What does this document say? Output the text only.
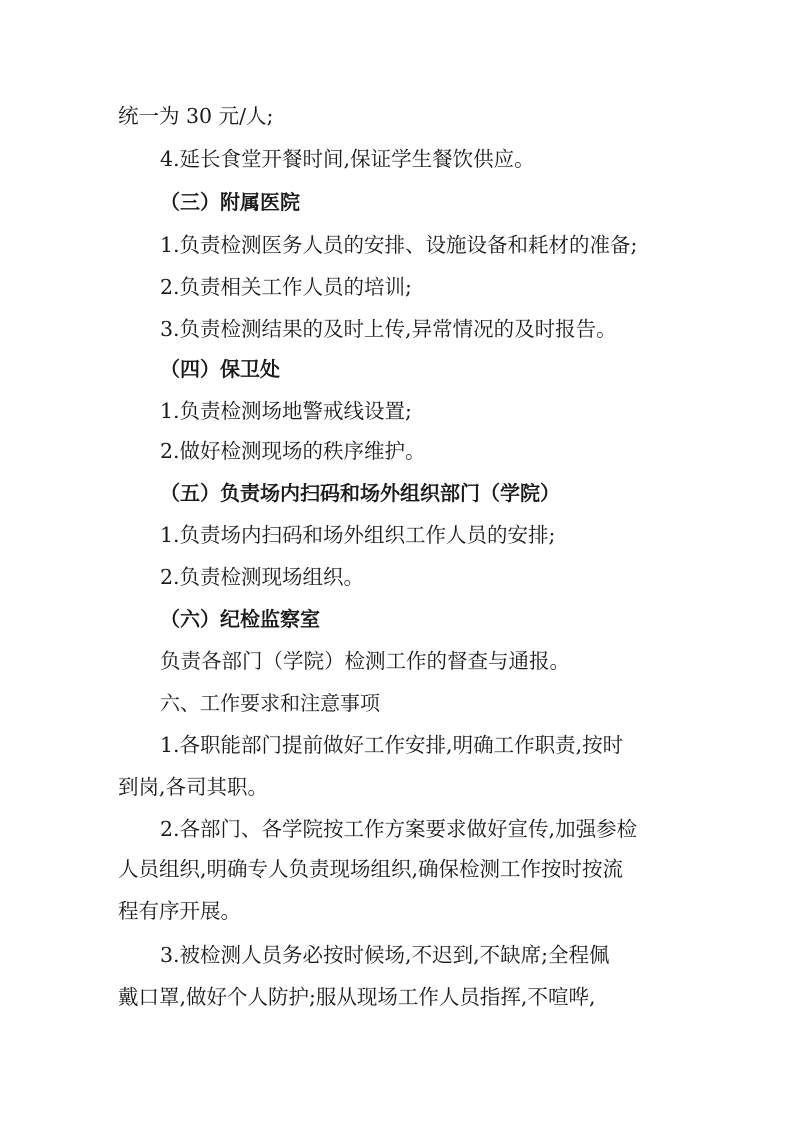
统一为 30 元/人;
4.延长食堂开餐时间,保证学生餐饮供应。
（三）附属医院
1.负责检测医务人员的安排、设施设备和耗材的准备;
2.负责相关工作人员的培训;
3.负责检测结果的及时上传,异常情况的及时报告。
（四）保卫处
1.负责检测场地警戒线设置;
2.做好检测现场的秩序维护。
（五）负责场内扫码和场外组织部门（学院）
1.负责场内扫码和场外组织工作人员的安排;
2.负责检测现场组织。
（六）纪检监察室
负责各部门（学院）检测工作的督查与通报。
六、工作要求和注意事项
1.各职能部门提前做好工作安排,明确工作职责,按时
到岗,各司其职。
2.各部门、各学院按工作方案要求做好宣传,加强参检
人员组织,明确专人负责现场组织,确保检测工作按时按流
程有序开展。
3.被检测人员务必按时候场,不迟到,不缺席;全程佩
戴口罩,做好个人防护;服从现场工作人员指挥,不喧哗,
